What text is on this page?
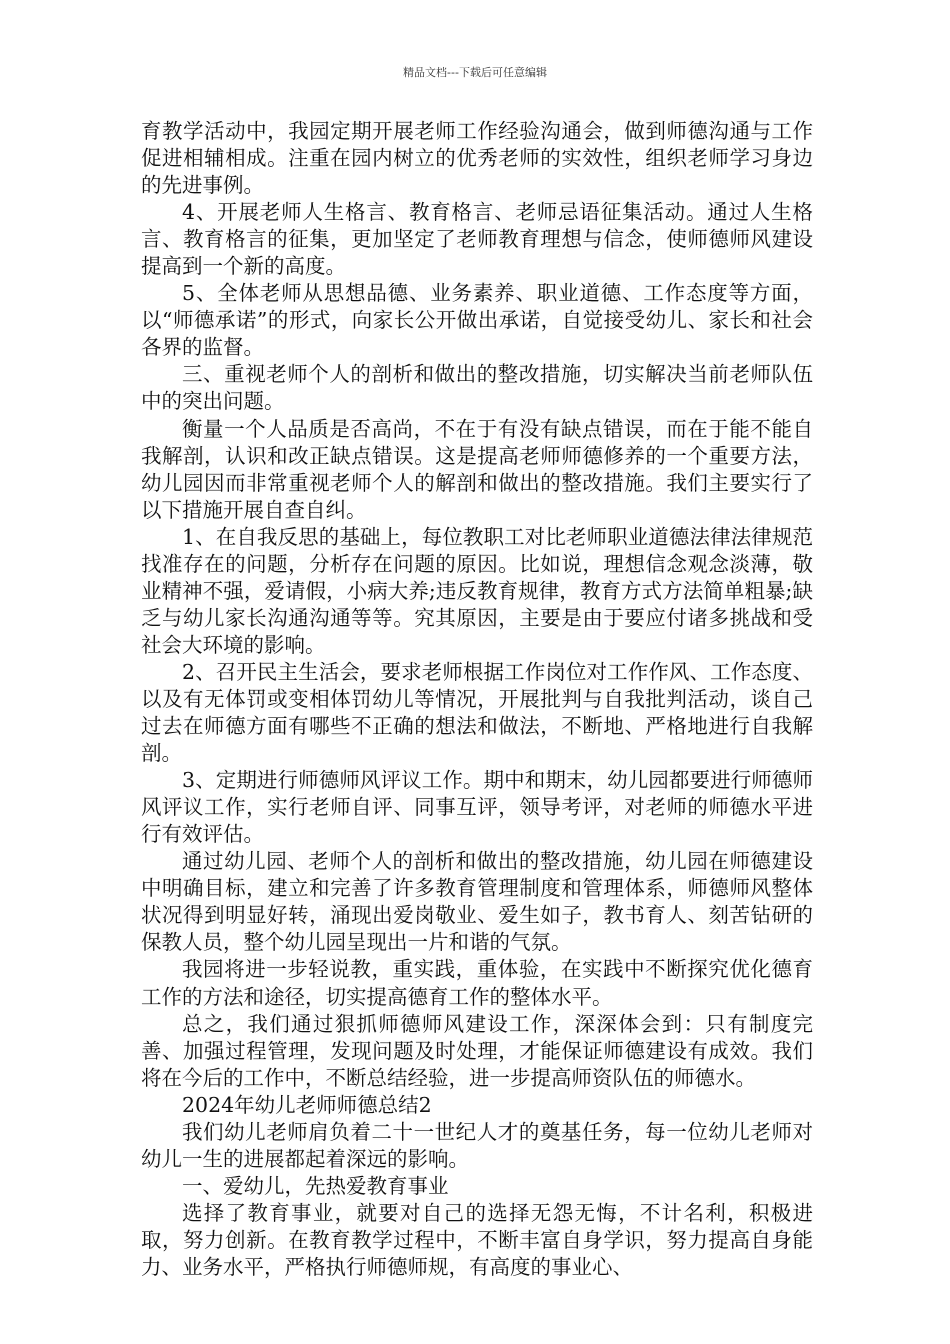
精品文档---下载后可任意编辑

育教学活动中，我园定期开展老师工作经验沟通会，做到师德沟通与工作促进相辅相成。注重在园内树立的优秀老师的实效性，组织老师学习身边的先进事例。

4、开展老师人生格言、教育格言、老师忌语征集活动。通过人生格言、教育格言的征集，更加坚定了老师教育理想与信念，使师德师风建设提高到一个新的高度。

5、全体老师从思想品德、业务素养、职业道德、工作态度等方面，以“师德承诺”的形式，向家长公开做出承诺，自觉接受幼儿、家长和社会各界的监督。

三、重视老师个人的剖析和做出的整改措施，切实解决当前老师队伍中的突出问题。

衡量一个人品质是否高尚，不在于有没有缺点错误，而在于能不能自我解剖，认识和改正缺点错误。这是提高老师师德修养的一个重要方法，幼儿园因而非常重视老师个人的解剖和做出的整改措施。我们主要实行了以下措施开展自查自纠。

1、在自我反思的基础上，每位教职工对比老师职业道德法律法律规范找准存在的问题，分析存在问题的原因。比如说，理想信念观念淡薄，敬业精神不强，爱请假，小病大养;违反教育规律，教育方式方法简单粗暴;缺乏与幼儿家长沟通沟通等等。究其原因，主要是由于要应付诸多挑战和受社会大环境的影响。

2、召开民主生活会，要求老师根据工作岗位对工作作风、工作态度、以及有无体罚或变相体罚幼儿等情况，开展批判与自我批判活动，谈自己过去在师德方面有哪些不正确的想法和做法，不断地、严格地进行自我解剖。

3、定期进行师德师风评议工作。期中和期末，幼儿园都要进行师德师风评议工作，实行老师自评、同事互评，领导考评，对老师的师德水平进行有效评估。

通过幼儿园、老师个人的剖析和做出的整改措施，幼儿园在师德建设中明确目标，建立和完善了许多教育管理制度和管理体系，师德师风整体状况得到明显好转，涌现出爱岗敬业、爱生如子，教书育人、刻苦钻研的保教人员，整个幼儿园呈现出一片和谐的气氛。

我园将进一步轻说教，重实践，重体验，在实践中不断探究优化德育工作的方法和途径，切实提高德育工作的整体水平。

总之，我们通过狠抓师德师风建设工作，深深体会到：只有制度完善、加强过程管理，发现问题及时处理，才能保证师德建设有成效。我们将在今后的工作中，不断总结经验，进一步提高师资队伍的师德水。

2024年幼儿老师师德总结2

我们幼儿老师肩负着二十一世纪人才的奠基任务，每一位幼儿老师对幼儿一生的进展都起着深远的影响。

一、爱幼儿，先热爱教育事业

选择了教育事业，就要对自己的选择无怨无悔，不计名利，积极进取，努力创新。在教育教学过程中，不断丰富自身学识，努力提高自身能力、业务水平，严格执行师德师规，有高度的事业心、
